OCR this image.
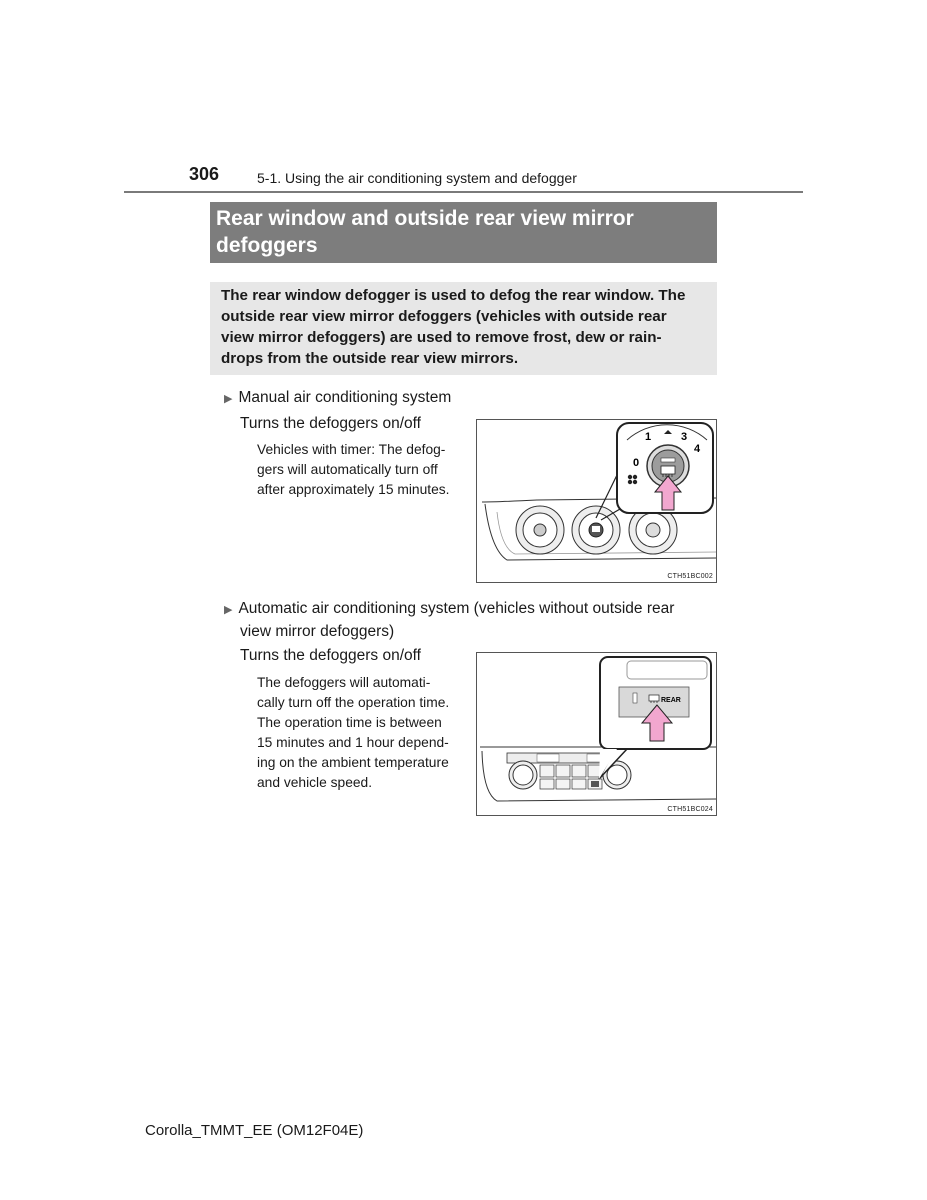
306	5-1. Using the air conditioning system and defogger
Rear window and outside rear view mirror
defoggers

The rear window defogger is used to defog the rear window. The

outside rear view mirror defoggers (vehicles with outside rear

view mirror defoggers) are used to remove frost, dew or rain-

drops from the outside rear view mirrors.

▶ Manual air conditioning system
Turns the defoggers on/off
Vehicles with timer: The defog-
gers will automatically turn off
after approximately 15 minutes.
0
1	3
4
CTH51BC002
▶ Automatic air conditioning system (vehicles without outside rear
view mirror defoggers)
Turns the defoggers on/off
The defoggers will automati-
cally turn off the operation time.
The operation time is between
15 minutes and 1 hour depend-
ing on the ambient temperature
and vehicle speed.
REAR
CTH51BC024
Corolla_TMMT_EE (OM12F04E)
